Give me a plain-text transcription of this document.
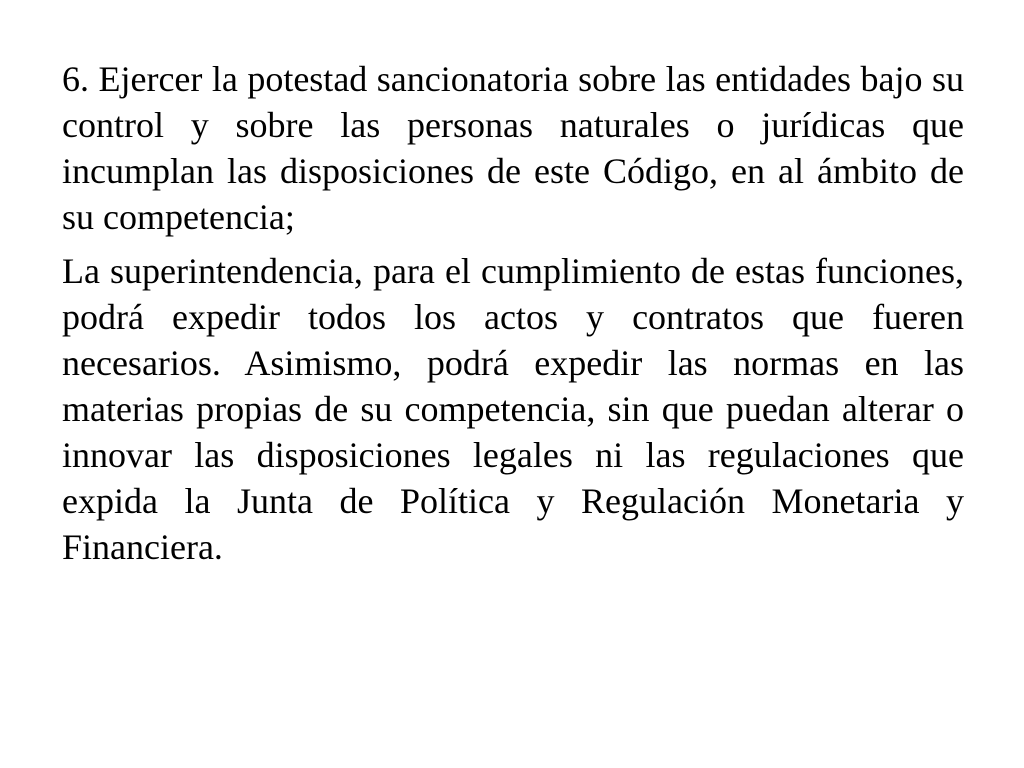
6. Ejercer la potestad sancionatoria sobre las entidades bajo su control y sobre las personas naturales o jurídicas que incumplan las disposiciones de este Código, en al ámbito de su competencia;

La superintendencia, para el cumplimiento de estas funciones, podrá expedir todos los actos y contratos que fueren necesarios. Asimismo, podrá expedir las normas en las materias propias de su competencia, sin que puedan alterar o innovar las disposiciones legales ni las regulaciones que expida la Junta de Política y Regulación Monetaria y Financiera.
